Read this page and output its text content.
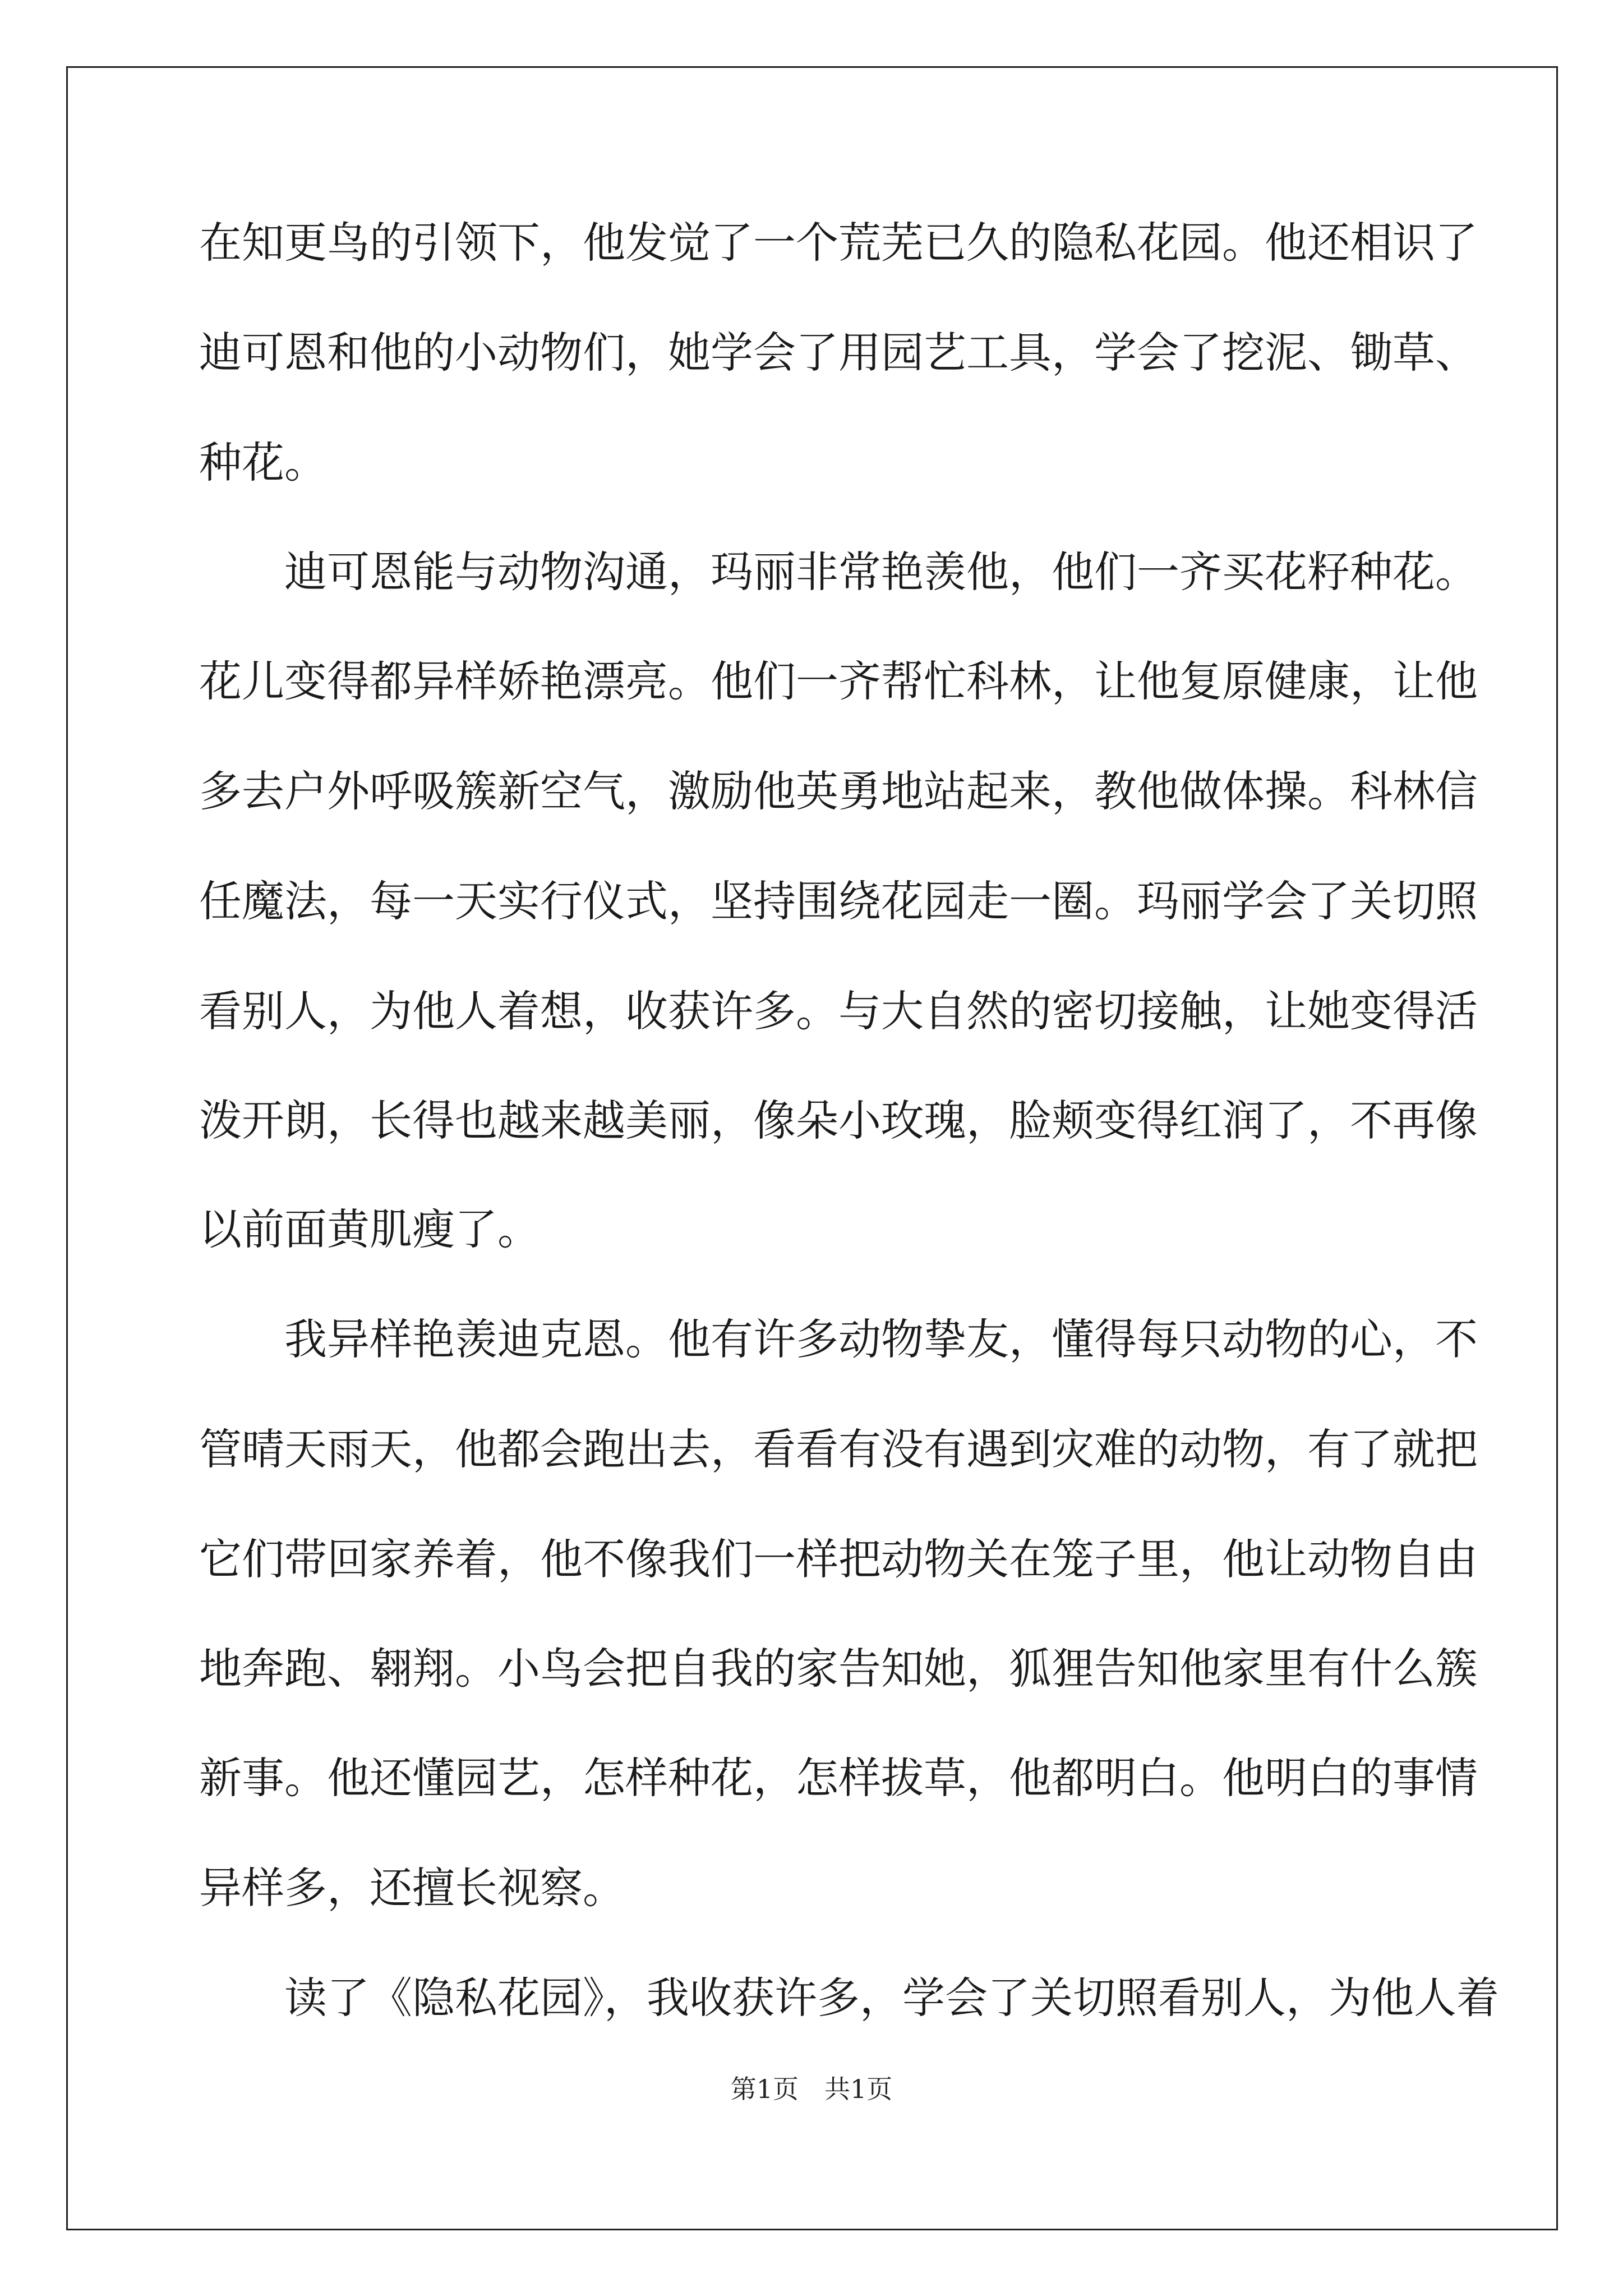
在知更鸟的引领下，他发觉了一个荒芜已久的隐私花园。他还相识了
迪可恩和他的小动物们，她学会了用园艺工具，学会了挖泥、锄草、
种花。
　　迪可恩能与动物沟通，玛丽非常艳羡他，他们一齐买花籽种花。
花儿变得都异样娇艳漂亮。他们一齐帮忙科林，让他复原健康，让他
多去户外呼吸簇新空气，激励他英勇地站起来，教他做体操。科林信
任魔法，每一天实行仪式，坚持围绕花园走一圈。玛丽学会了关切照
看别人，为他人着想，收获许多。与大自然的密切接触，让她变得活
泼开朗，长得也越来越美丽，像朵小玫瑰，脸颊变得红润了，不再像
以前面黄肌瘦了。
　　我异样艳羡迪克恩。他有许多动物挚友，懂得每只动物的心，不
管晴天雨天，他都会跑出去，看看有没有遇到灾难的动物，有了就把
它们带回家养着，他不像我们一样把动物关在笼子里，他让动物自由
地奔跑、翱翔。小鸟会把自我的家告知她，狐狸告知他家里有什么簇
新事。他还懂园艺，怎样种花，怎样拔草，他都明白。他明白的事情
异样多，还擅长视察。
　　读了《隐私花园》，我收获许多，学会了关切照看别人，为他人着
第1页　共1页
